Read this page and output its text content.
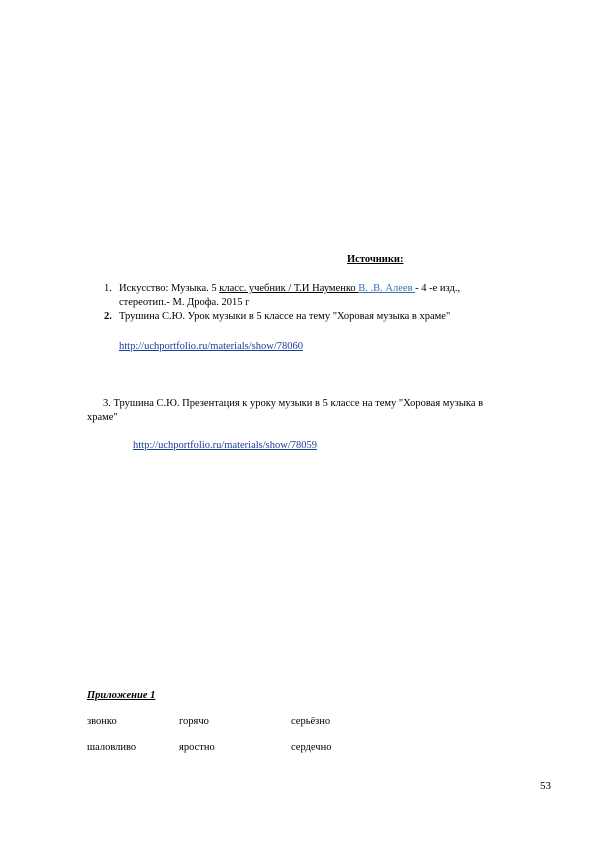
Источники:
1. Искусство: Музыка. 5 класс. учебник / Т.И Науменко В. .В. Алеев - 4 -е изд.,
стереотип.- М. Дрофа. 2015 г
2. Трушина С.Ю. Урок музыки в 5 классе на тему "Хоровая музыка в храме"
http://uchportfolio.ru/materials/show/78060
3. Трушина С.Ю. Презентация к уроку музыки в 5 классе на тему "Хоровая музыка в
храме"
http://uchportfolio.ru/materials/show/78059
Приложение 1
звонко	горячо	серьёзно
шаловливо	яростно	сердечно
53
